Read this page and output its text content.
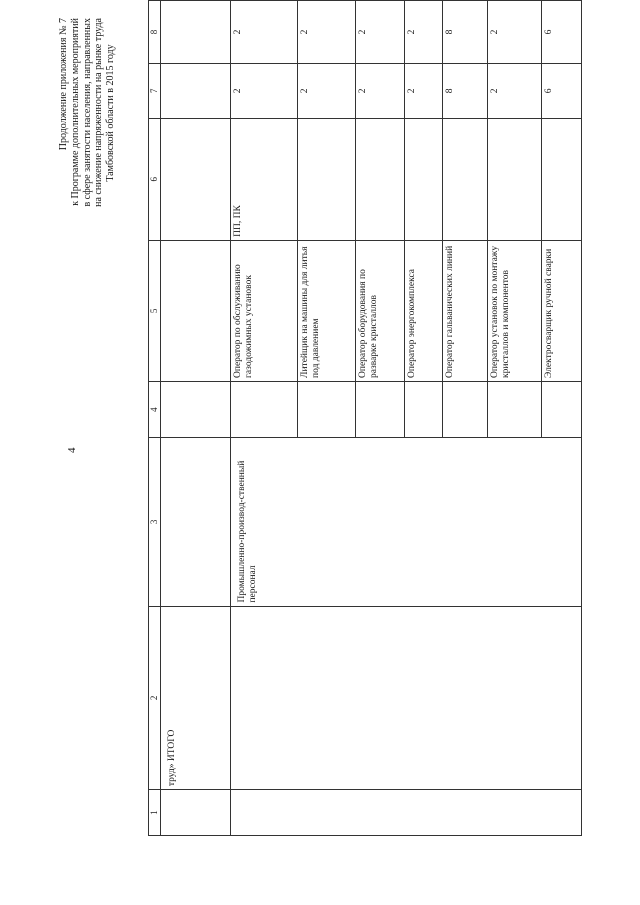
4
Продолжение приложения № 7 к Программе дополнительных мероприятий в сфере занятости населения, направленных на снижение напряженности на рынке труда Тамбовской области в 2015 году
1	2	3	4	5	6	7	8
	труд» ИТОГО						
		Промышленно-производ-ственный персонал		Оператор по обслуживанию газодожимных установок	ПП, ПК	2	2
				Литейщик на машины для литья под давлением		2	2
				Оператор оборудования по разварке кристаллов		2	2
				Оператор энергокомплекса		2	2
				Оператор гальванических линий		8	8
				Оператор установок по монтажу кристаллов и компонентов		2	2
				Электросварщик ручной сварки		6	6
